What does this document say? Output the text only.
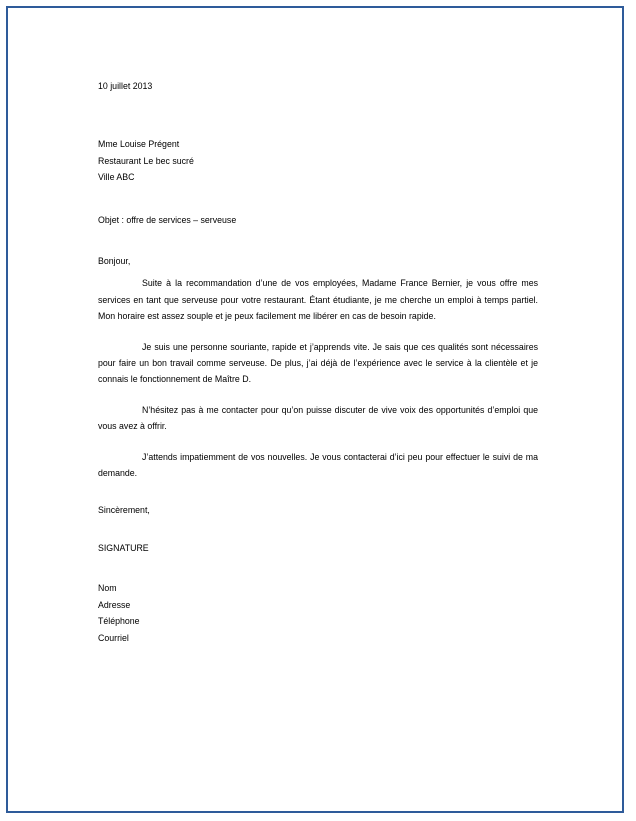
10 juillet 2013

Mme Louise Prégent

Restaurant Le bec sucré

Ville ABC

Objet : offre de services – serveuse

Bonjour,

Suite à la recommandation d’une de vos employées, Madame France Bernier, je vous offre mes services en tant que serveuse pour votre restaurant. Étant étudiante, je me cherche un emploi à temps partiel. Mon horaire est assez souple et je peux facilement me libérer en cas de besoin rapide.

Je suis une personne souriante, rapide et j’apprends vite. Je sais que ces qualités sont nécessaires pour faire un bon travail comme serveuse. De plus, j’ai déjà de l’expérience avec le service à la clientèle et je connais le fonctionnement de Maître D.

N’hésitez pas à me contacter pour qu’on puisse discuter de vive voix des opportunités d’emploi que vous avez à offrir.

J’attends impatiemment de vos nouvelles. Je vous contacterai d’ici peu pour effectuer le suivi de ma demande.

Sincèrement,

SIGNATURE

Nom

Adresse

Téléphone

Courriel
